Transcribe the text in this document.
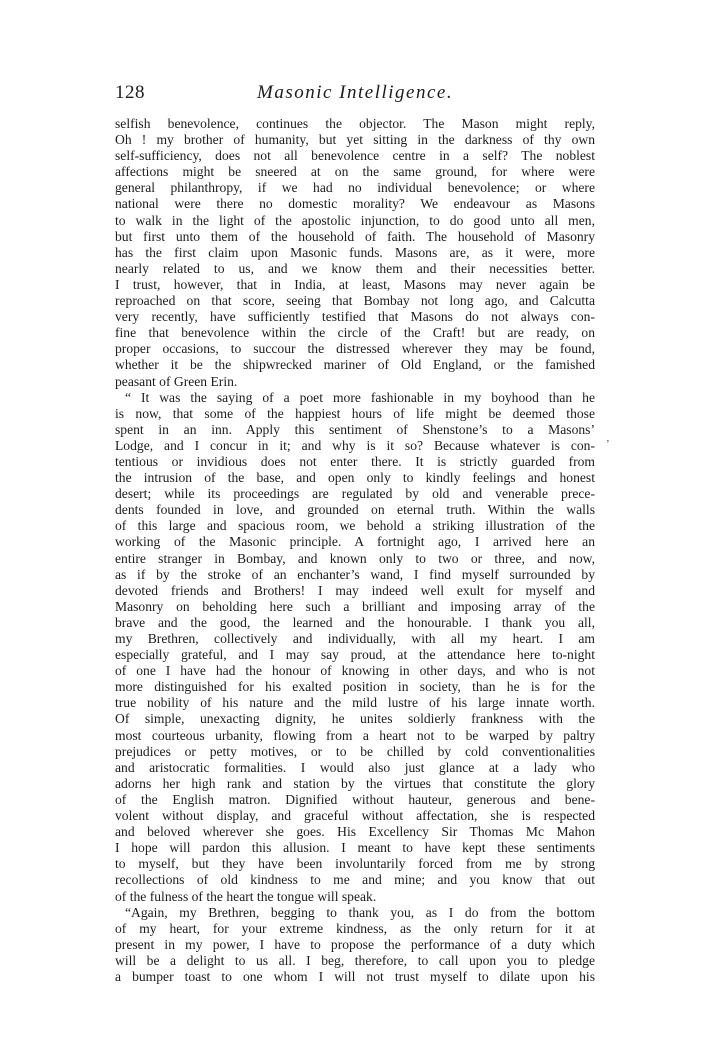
128	Masonic Intelligence.
selfish benevolence, continues the objector. The Mason might reply,
Oh ! my brother of humanity, but yet sitting in the darkness of thy own
self-sufficiency, does not all benevolence centre in a self? The noblest
affections might be sneered at on the same ground, for where were
general philanthropy, if we had no individual benevolence; or where
national were there no domestic morality? We endeavour as Masons
to walk in the light of the apostolic injunction, to do good unto all men,
but first unto them of the household of faith. The household of Masonry
has the first claim upon Masonic funds. Masons are, as it were, more
nearly related to us, and we know them and their necessities better.
I trust, however, that in India, at least, Masons may never again be
reproached on that score, seeing that Bombay not long ago, and Calcutta
very recently, have sufficiently testified that Masons do not always con-
fine that benevolence within the circle of the Craft! but are ready, on
proper occasions, to succour the distressed wherever they may be found,
whether it be the shipwrecked mariner of Old England, or the famished
peasant of Green Erin.
“ It was the saying of a poet more fashionable in my boyhood than he
is now, that some of the happiest hours of life might be deemed those
spent in an inn. Apply this sentiment of Shenstone’s to a Masons’
Lodge, and I concur in it; and why is it so? Because whatever is con-
tentious or invidious does not enter there. It is strictly guarded from
the intrusion of the base, and open only to kindly feelings and honest
desert; while its proceedings are regulated by old and venerable prece-
dents founded in love, and grounded on eternal truth. Within the walls
of this large and spacious room, we behold a striking illustration of the
working of the Masonic principle. A fortnight ago, I arrived here an
entire stranger in Bombay, and known only to two or three, and now,
as if by the stroke of an enchanter’s wand, I find myself surrounded by
devoted friends and Brothers! I may indeed well exult for myself and
Masonry on beholding here such a brilliant and imposing array of the
brave and the good, the learned and the honourable. I thank you all,
my Brethren, collectively and individually, with all my heart. I am
especially grateful, and I may say proud, at the attendance here to-night
of one I have had the honour of knowing in other days, and who is not
more distinguished for his exalted position in society, than he is for the
true nobility of his nature and the mild lustre of his large innate worth.
Of simple, unexacting dignity, he unites soldierly frankness with the
most courteous urbanity, flowing from a heart not to be warped by paltry
prejudices or petty motives, or to be chilled by cold conventionalities
and aristocratic formalities. I would also just glance at a lady who
adorns her high rank and station by the virtues that constitute the glory
of the English matron. Dignified without hauteur, generous and bene-
volent without display, and graceful without affectation, she is respected
and beloved wherever she goes. His Excellency Sir Thomas Mc Mahon
I hope will pardon this allusion. I meant to have kept these sentiments
to myself, but they have been involuntarily forced from me by strong
recollections of old kindness to me and mine; and you know that out
of the fulness of the heart the tongue will speak.
“Again, my Brethren, begging to thank you, as I do from the bottom
of my heart, for your extreme kindness, as the only return for it at
present in my power, I have to propose the performance of a duty which
will be a delight to us all. I beg, therefore, to call upon you to pledge
a bumper toast to one whom I will not trust myself to dilate upon his
‚
